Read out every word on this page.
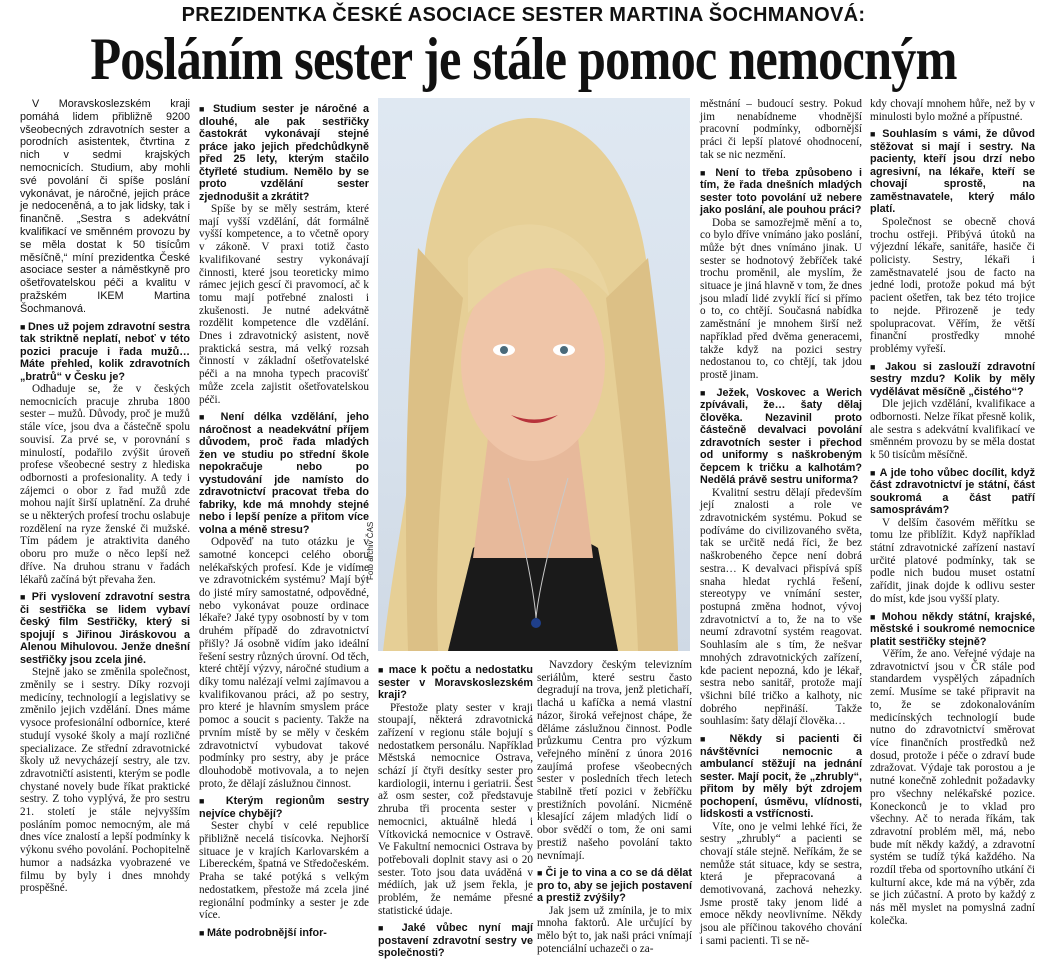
PREZIDENTKA ČESKÉ ASOCIACE SESTER MARTINA ŠOCHMANOVÁ:
Posláním sester je stále pomoc nemocným

V Moravskoslezském kraji pomáhá lidem přibližně 9200 všeobecných zdravotních sester a porodních asistentek, čtvrtina z nich v sedmi krajských nemocnicích. Studium, aby mohli své povolání či spíše poslání vykonávat, je náročné, jejich práce je nedoceněná, a to jak lidsky, tak i finančně. „Sestra s adekvátní kvalifikací ve směnném provozu by se měla dostat k 50 tisícům měsíčně,“ míní prezidentka České asociace sester a náměstkyně pro ošetřovatelskou péči a kvalitu v pražském IKEM Martina Šochmanová.

■ Dnes už pojem zdravotní sestra tak striktně neplatí, neboť v této pozici pracuje i řada mužů… Máte přehled, kolik zdravotních „bratrů“ v Česku je?

Odhaduje se, že v českých nemocnicích pracuje zhruba 1800 sester – mužů. Důvody, proč je mužů stále více, jsou dva a částečně spolu souvisí. Za prvé se, v porovnání s minulostí, podařilo zvýšit úroveň profese všeobecné sestry z hlediska odbornosti a profesionality. A tedy i zájemci o obor z řad mužů zde mohou najít širší uplatnění. Za druhé se u některých profesí trochu oslabuje rozdělení na ryze ženské či mužské. Tím pádem je atraktivita daného oboru pro muže o něco lepší než dříve. Na druhou stranu v řadách lékařů začíná být převaha žen.

■ Při vyslovení zdravotní sestra či sestřička se lidem vybaví český film Sestřičky, který si spojují s Jiřinou Jiráskovou a Alenou Mihulovou. Jenže dnešní sestřičky jsou zcela jiné.

Stejně jako se změnila společnost, změnily se i sestry. Díky rozvoji medicíny, technologií a legislativy se změnilo jejich vzdělání. Dnes máme vysoce profesionální odborníce, které studují vysoké školy a mají rozličné specializace. Ze střední zdravotnické školy už nevycházejí sestry, ale tzv. zdravotničtí asistenti, kterým se podle chystané novely bude říkat praktické sestry. Z toho vyplývá, že pro sestru 21. století je stále nejvyšším posláním pomoc nemocným, ale má dnes více znalostí a lepší podmínky k výkonu svého povolání. Pochopitelně humor a nadsázka vyobrazené ve filmu by byly i dnes mnohdy prospěšné.

■ Studium sester je náročné a dlouhé, ale pak sestřičky častokrát vykonávají stejné práce jako jejich předchůdkyně před 25 lety, kterým stačilo čtyřleté studium. Nemělo by se proto vzdělání sester zjednodušit a zkrátit?

Spíše by se měly sestrám, které mají vyšší vzdělání, dát formálně vyšší kompetence, a to včetně opory v zákoně. V praxi totiž často kvalifikované sestry vykonávají činnosti, které jsou teoreticky mimo rámec jejich gescí či pravomocí, ač k tomu mají potřebné znalosti i zkušenosti. Je nutné adekvátně rozdělit kompetence dle vzdělání. Dnes i zdravotnický asistent, nově praktická sestra, má velký rozsah činností v základní ošetřovatelské péči a na mnoha typech pracovišť může zcela zajistit ošetřovatelskou péči.

■ Není délka vzdělání, jeho náročnost a neadekvátní příjem důvodem, proč řada mladých žen ve studiu po střední škole nepokračuje nebo po vystudování jde namísto do zdravotnictví pracovat třeba do fabriky, kde má mnohdy stejné nebo i lepší peníze a přitom více volna a méně stresu?

Odpověď na tuto otázku je v samotné koncepci celého oboru nelékařských profesí. Kde je vidíme ve zdravotnickém systému? Mají být do jisté míry samostatné, odpovědné, nebo vykonávat pouze ordinace lékaře? Jaké typy osobností by v tom druhém případě do zdravotnictví přišly? Já osobně vidím jako ideální řešení sestry různých úrovní. Od těch, které chtějí výzvy, náročné studium a díky tomu nalézají velmi zajímavou a kvalifikovanou práci, až po sestry, pro které je hlavním smyslem práce pomoc a soucit s pacienty. Takže na prvním místě by se měly v českém zdravotnictví vybudovat takové podmínky pro sestry, aby je práce dlouhodobě motivovala, a to nejen proto, že dělají záslužnou činnost.

■ Kterým regionům sestry nejvíce chybějí?

Sester chybí v celé republice přibližně necelá tisícovka. Nejhorší situace je v krajích Karlovarském a Libereckém, špatná ve Středočeském. Praha se také potýká s velkým nedostatkem, přestože má zcela jiné regionální podmínky a sester je zde více.

■ Máte podrobnější infor-

Foto archiv ČAS

■ mace k počtu a nedostatku sester v Moravskoslezském kraji?

Přestože platy sester v kraji stoupají, některá zdravotnická zařízení v regionu stále bojují s nedostatkem personálu. Například Městská nemocnice Ostrava, schází jí čtyři desítky sester pro kardiologii, internu i geriatrii. Šest až osm sester, což představuje zhruba tři procenta sester v nemocnici, aktuálně hledá i Vítkovická nemocnice v Ostravě. Ve Fakultní nemocnici Ostrava by potřebovali doplnit stavy asi o 20 sester. Toto jsou data uváděná v médiích, jak už jsem řekla, je problém, že nemáme přesné statistické údaje.

■ Jaké vůbec nyní mají postavení zdravotní sestry ve společnosti?

Navzdory českým televizním seriálům, které sestru často degradují na trova, jenž pletichaří, tlachá u kafíčka a nemá vlastní názor, široká veřejnost chápe, že děláme záslužnou činnost. Podle průzkumu Centra pro výzkum veřejného mínění z února 2016 zaujímá profese všeobecných sester v posledních třech letech stabilně třetí pozici v žebříčku prestižních povolání. Nicméně klesající zájem mladých lidí o obor svědčí o tom, že oni sami prestiž našeho povolání takto nevnímají.

■ Či je to vina a co se dá dělat pro to, aby se jejich postavení a prestiž zvýšily?

Jak jsem už zmínila, je to mix mnoha faktorů. Ale určující by mělo být to, jak naši práci vnímají potenciální uchazeči o za-

městnání – budoucí sestry. Pokud jim nenabídneme vhodnější pracovní podmínky, odbornější práci či lepší platové ohodnocení, tak se nic nezmění.

■ Není to třeba způsobeno i tím, že řada dnešních mladých sester toto povolání už nebere jako poslání, ale pouhou práci?

Doba se samozřejmě mění a to, co bylo dříve vnímáno jako poslání, může být dnes vnímáno jinak. U sester se hodnotový žebříček také trochu proměnil, ale myslím, že situace je jiná hlavně v tom, že dnes jsou mladí lidé zvyklí řící si přímo o to, co chtějí. Současná nabídka zaměstnání je mnohem širší než například před dvěma generacemi, takže když na pozici sestry nedostanou to, co chtějí, tak jdou prostě jinam.

■ Ježek, Voskovec a Werich zpívávali, že… šaty dělaj člověka. Nezavinil proto částečně devalvaci povolání zdravotních sester i přechod od uniformy s naškrobeným čepcem k tričku a kalhotám? Nedělá právě sestru uniforma?

Kvalitní sestru dělají především její znalosti a role ve zdravotnickém systému. Pokud se podíváme do civilizovaného světa, tak se určitě nedá říci, že bez naškrobeného čepce není dobrá sestra… K devalvaci přispívá spíš snaha hledat rychlá řešení, stereotypy ve vnímání sester, postupná změna hodnot, vývoj zdravotnictví a to, že na to vše neumí zdravotní systém reagovat. Souhlasím ale s tím, že nešvar mnohých zdravotnických zařízení, kde pacient nepozná, kdo je lékař, sestra nebo sanitář, protože mají všichni bílé tričko a kalhoty, nic dobrého nepřináší. Takže souhlasím: šaty dělají člověka…

■ Někdy si pacienti či návštěvníci nemocnic a ambulancí stěžují na jednání sester. Mají pocit, že „zhrubly“, přitom by měly být zdrojem pochopení, úsměvu, vlídnosti, lidskosti a vstřícnosti.

Víte, ono je velmi lehké říci, že sestry „zhrubly“ a pacienti se chovají stále stejně. Neříkám, že se nemůže stát situace, kdy se sestra, která je přepracovaná a demotivovaná, zachová nehezky. Jsme prostě taky jenom lidé a emoce někdy neovlivníme. Někdy jsou ale příčinou takového chování i sami pacienti. Ti se ně-

kdy chovají mnohem hůře, než by v minulosti bylo možné a přípustné.

■ Souhlasím s vámi, že důvod stěžovat si mají i sestry. Na pacienty, kteří jsou drzí nebo agresivní, na lékaře, kteří se chovají sprostě, na zaměstnavatele, který málo platí.

Společnost se obecně chová trochu ostřeji. Přibývá útoků na výjezdní lékaře, sanitáře, hasiče či policisty. Sestry, lékaři i zaměstnavatelé jsou de facto na jedné lodi, protože pokud má být pacient ošetřen, tak bez této trojice to nejde. Přirozeně je tedy spolupracovat. Věřím, že větší finanční prostředky mnohé problémy vyřeší.

■ Jakou si zaslouží zdravotní sestry mzdu? Kolik by měly vydělávat měsíčně „čistého“?

Dle jejich vzdělání, kvalifikace a odbornosti. Nelze říkat přesně kolik, ale sestra s adekvátní kvalifikací ve směnném provozu by se měla dostat k 50 tisícům měsíčně.

■ A jde toho vůbec docílit, když část zdravotnictví je státní, část soukromá a část patří samosprávám?

V delším časovém měřítku se tomu lze přiblížit. Když například státní zdravotnické zařízení nastaví určité platové podmínky, tak se podle nich budou muset ostatní zařídit, jinak dojde k odlivu sester do míst, kde jsou vyšší platy.

■ Mohou někdy státní, krajské, městské i soukromé nemocnice platit sestřičky stejně?

Věřím, že ano. Veřejné výdaje na zdravotnictví jsou v ČR stále pod standardem vyspělých západních zemí. Musíme se také připravit na to, že se zdokonalováním medicínských technologií bude nutno do zdravotnictví směrovat více finančních prostředků než dosud, protože i péče o zdraví bude zdražovat. Výdaje tak porostou a je nutné konečně zohlednit požadavky pro všechny nelékařské pozice. Koneckonců je to vklad pro všechny. Ač to nerada říkám, tak zdravotní problém měl, má, nebo bude mít někdy každý, a zdravotní systém se tudíž týká každého. Na rozdíl třeba od sportovního utkání či kulturní akce, kde má na výběr, zda se jich zúčastní. A proto by každý z nás měl myslet na pomyslná zadní kolečka.
